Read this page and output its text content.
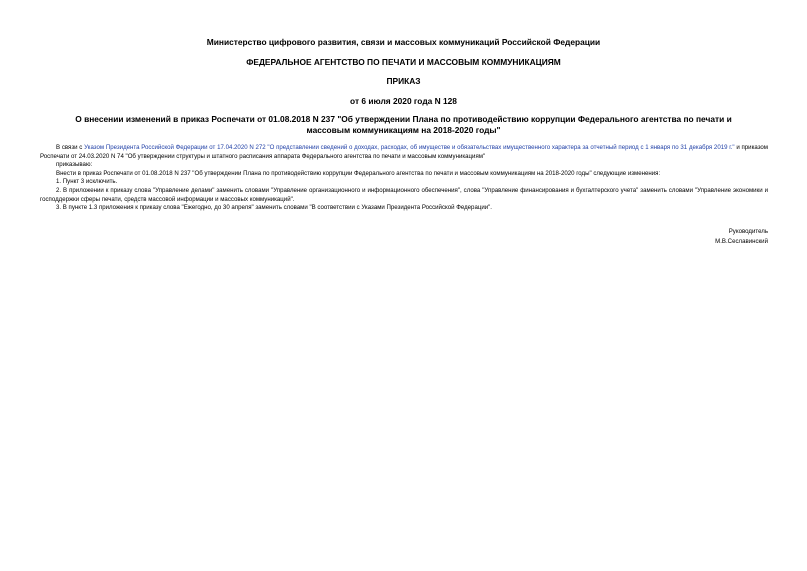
Министерство цифрового развития, связи и массовых коммуникаций Российской Федерации
ФЕДЕРАЛЬНОЕ АГЕНТСТВО ПО ПЕЧАТИ И МАССОВЫМ КОММУНИКАЦИЯМ
ПРИКАЗ
от 6 июля 2020 года N 128
О внесении изменений в приказ Роспечати от 01.08.2018 N 237 "Об утверждении Плана по противодействию коррупции Федерального агентства по печати и массовым коммуникациям на 2018-2020 годы"

В связи с Указом Президента Российской Федерации от 17.04.2020 N 272 "О представлении сведений о доходах, расходах, об имуществе и обязательствах имущественного характера за отчетный период с 1 января по 31 декабря 2019 г." и приказом Роспечати от 24.03.2020 N 74 "Об утверждении структуры и штатного расписания аппарата Федерального агентства по печати и массовым коммуникациям"

приказываю:

Внести в приказ Роспечати от 01.08.2018 N 237 "Об утверждении Плана по противодействию коррупции Федерального агентства по печати и массовым коммуникациям на 2018-2020 годы" следующие изменения:

1. Пункт 3 исключить.

2. В приложении к приказу слова "Управление делами" заменить словами "Управление организационного и информационного обеспечения", слова "Управление финансирования и бухгалтерского учета" заменить словами "Управление экономики и господдержки сферы печати, средств массовой информации и массовых коммуникаций".

3. В пункте 1.3 приложения к приказу слова "Ежегодно, до 30 апреля" заменить словами "В соответствии с Указами Президента Российской Федерации".

Руководитель
М.В.Сеславинский
